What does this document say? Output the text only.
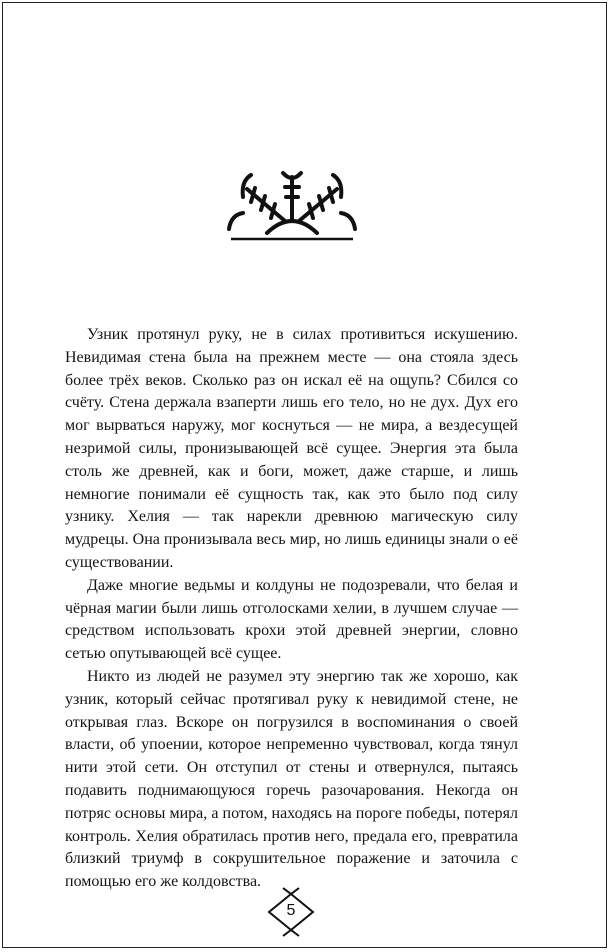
Узник протянул руку, не в силах противиться искушению. Невидимая стена была на прежнем месте — она стояла здесь более трёх веков. Сколько раз он искал её на ощупь? Сбился со счёту. Стена держала взаперти лишь его тело, но не дух. Дух его мог вырваться наружу, мог коснуться — не мира, а вездесущей незримой силы, пронизывающей всё сущее. Энергия эта была столь же древней, как и боги, может, даже старше, и лишь немногие понимали её сущность так, как это было под силу узнику. Хелия — так нарекли древнюю магическую силу мудрецы. Она пронизывала весь мир, но лишь единицы знали о её существовании.

Даже многие ведьмы и колдуны не подозревали, что белая и чёрная магии были лишь отголосками хелии, в лучшем случае — средством использовать крохи этой древней энергии, словно сетью опутывающей всё сущее.

Никто из людей не разумел эту энергию так же хорошо, как узник, который сейчас протягивал руку к невидимой стене, не открывая глаз. Вскоре он погрузился в воспоминания о своей власти, об упоении, которое непременно чувствовал, когда тянул нити этой сети. Он отступил от стены и отвернулся, пытаясь подавить поднимающуюся горечь разочарования. Некогда он потряс основы мира, а потом, находясь на пороге победы, потерял контроль. Хелия обратилась против него, предала его, превратила близкий триумф в сокрушительное поражение и заточила с помощью его же колдовства.

5
